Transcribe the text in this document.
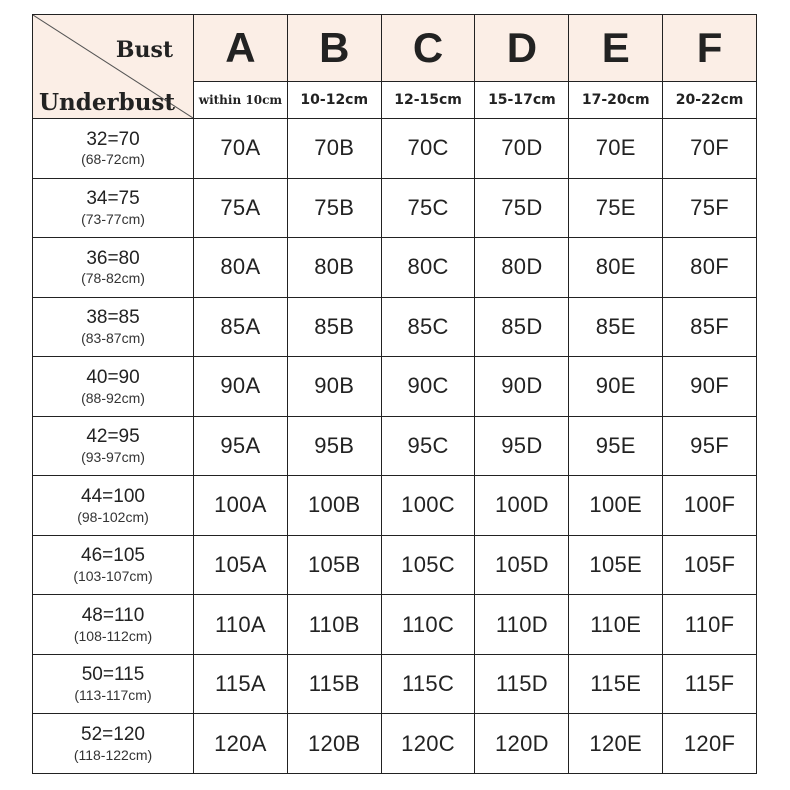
Bust
Underbust	A	B	C	D	E	F
	within 10cm	10-12cm	12-15cm	15-17cm	17-20cm	20-22cm

32=70
(68-72cm)	70A	70B	70C	70D	70E	70F

34=75
(73-77cm)	75A	75B	75C	75D	75E	75F

36=80
(78-82cm)	80A	80B	80C	80D	80E	80F

38=85
(83-87cm)	85A	85B	85C	85D	85E	85F

40=90
(88-92cm)	90A	90B	90C	90D	90E	90F

42=95
(93-97cm)	95A	95B	95C	95D	95E	95F

44=100
(98-102cm)	100A	100B	100C	100D	100E	100F

46=105
(103-107cm)	105A	105B	105C	105D	105E	105F

48=110
(108-112cm)	110A	110B	110C	110D	110E	110F

50=115
(113-117cm)	115A	115B	115C	115D	115E	115F

52=120
(118-122cm)	120A	120B	120C	120D	120E	120F
